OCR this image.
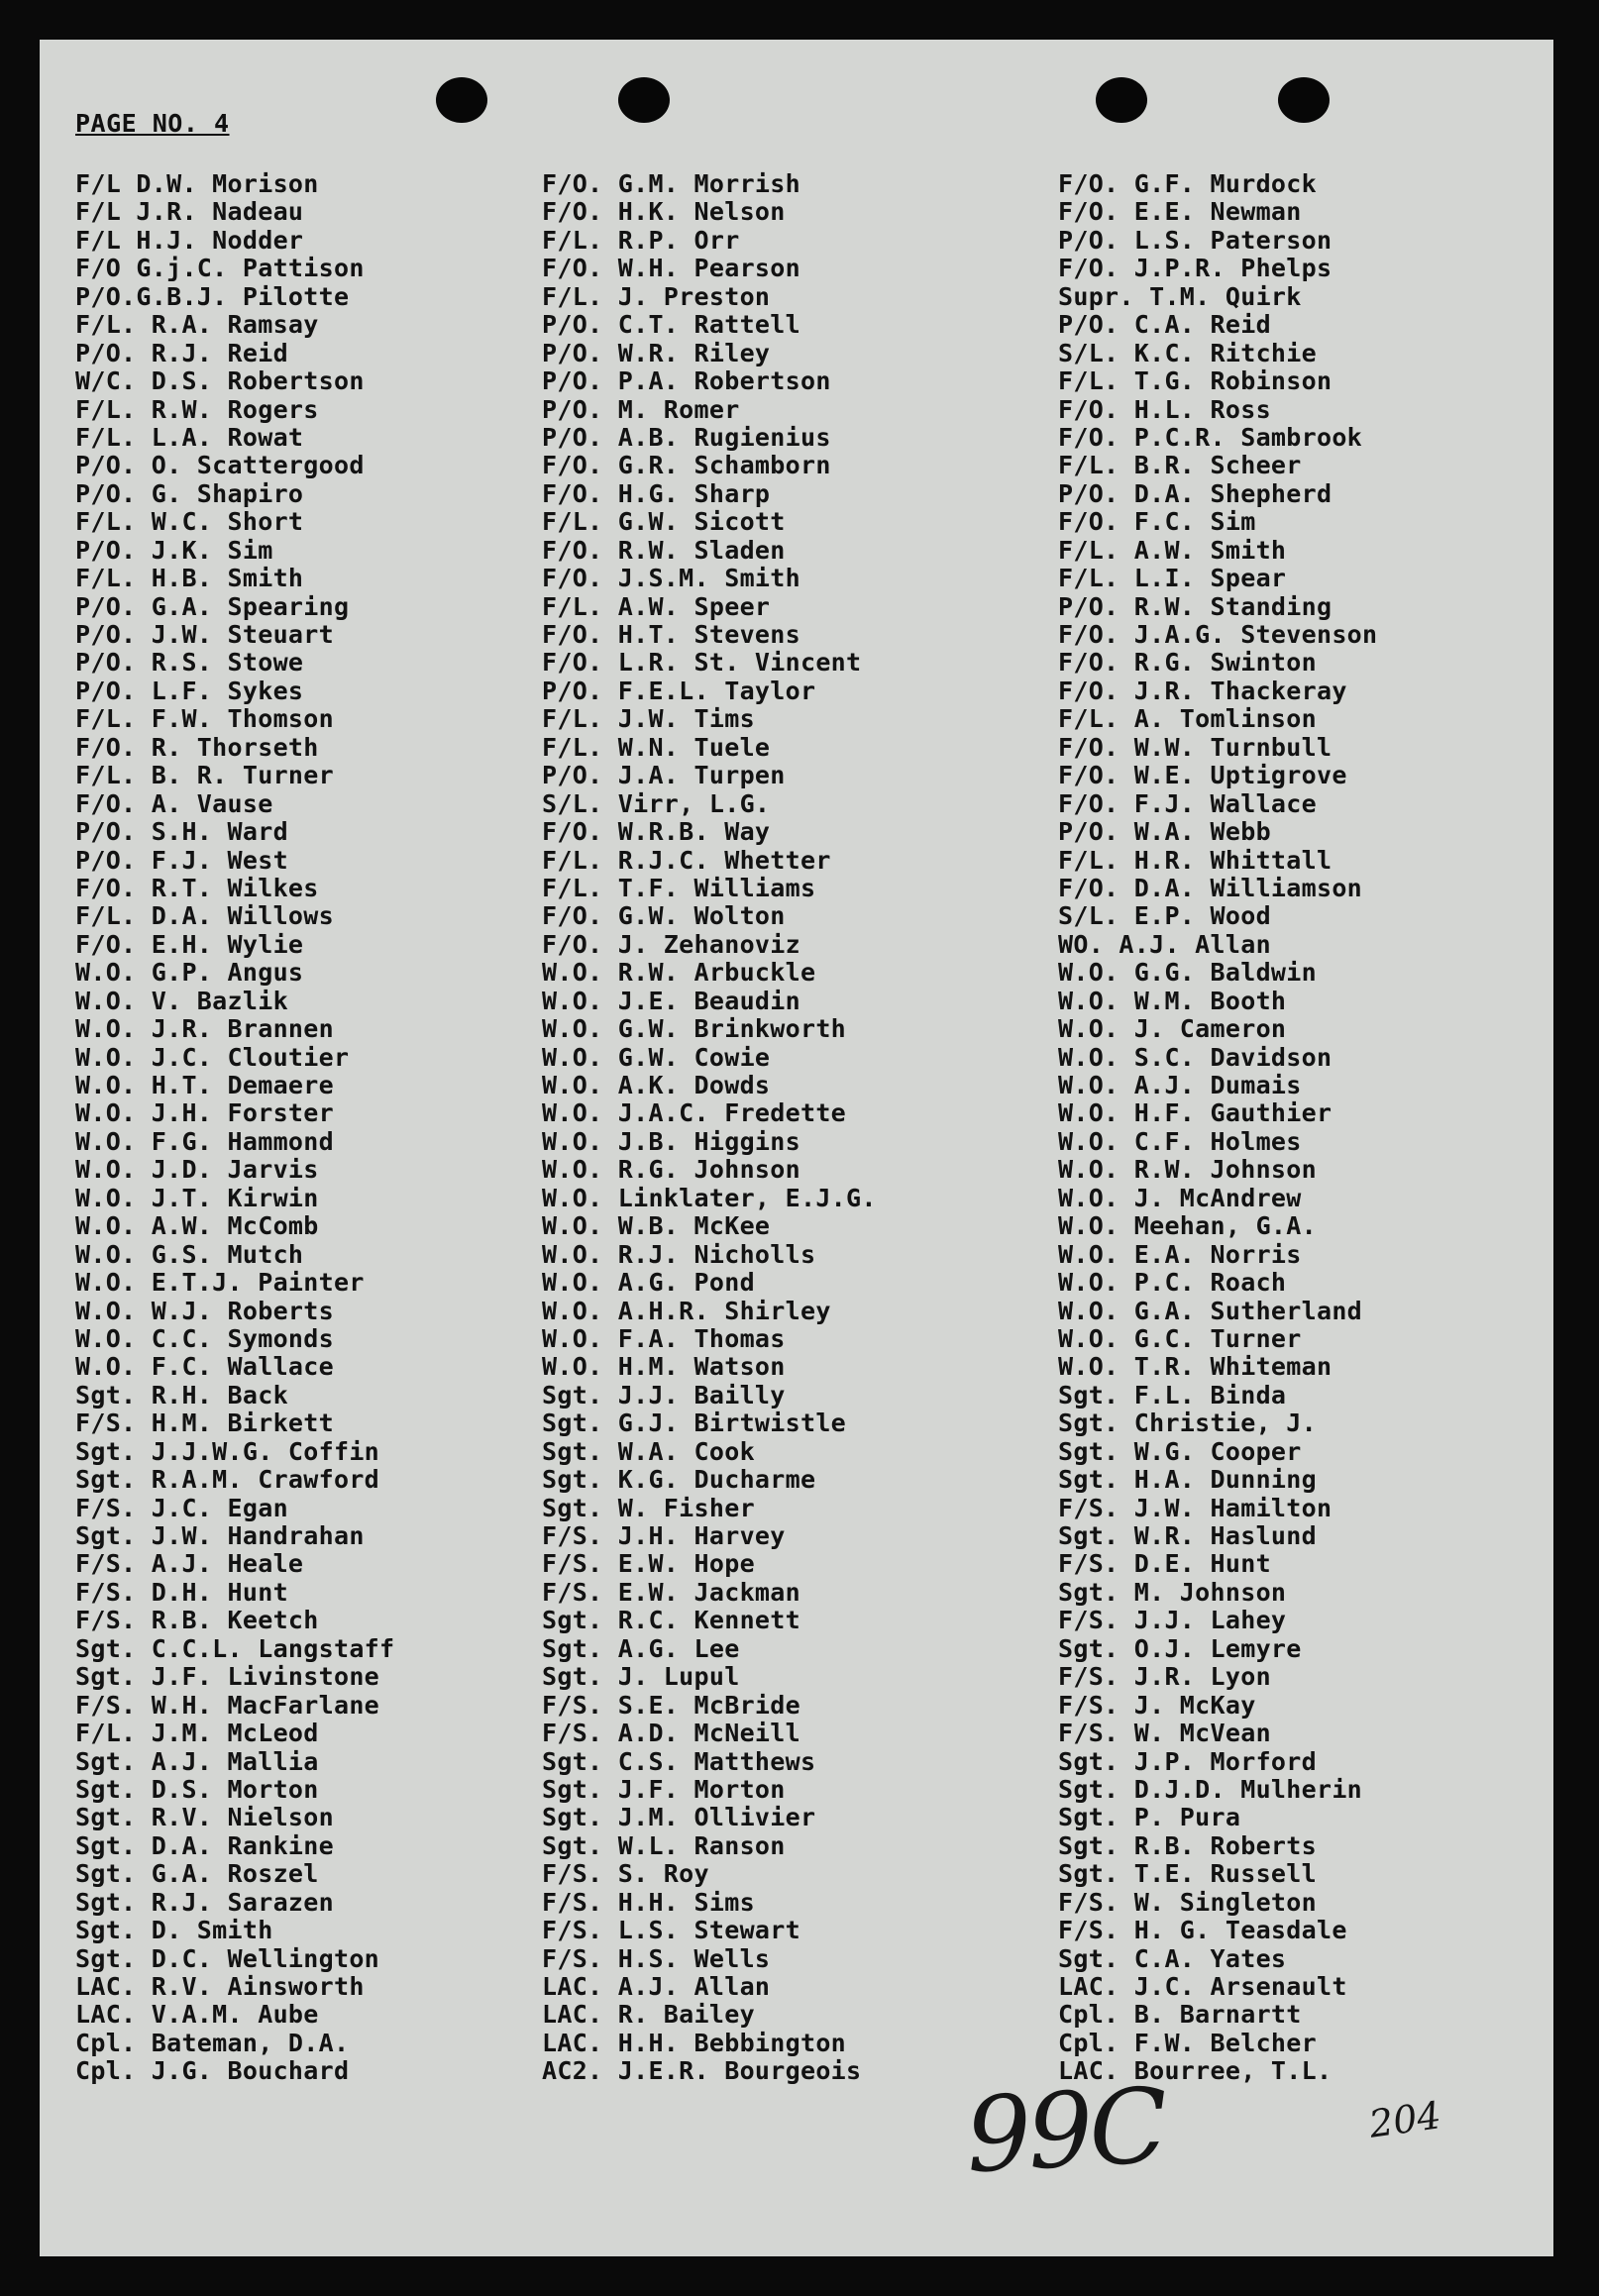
PAGE NO. 4
F/L D.W. Morison
F/L J.R. Nadeau
F/L H.J. Nodder
F/O G.j.C. Pattison
P/O.G.B.J. Pilotte
F/L. R.A. Ramsay
P/O. R.J. Reid
W/C. D.S. Robertson
F/L. R.W. Rogers
F/L. L.A. Rowat
P/O. O. Scattergood
P/O. G. Shapiro
F/L. W.C. Short
P/O. J.K. Sim
F/L. H.B. Smith
P/O. G.A. Spearing
P/O. J.W. Steuart
P/O. R.S. Stowe
P/O. L.F. Sykes
F/L. F.W. Thomson
F/O. R. Thorseth
F/L. B. R. Turner
F/O. A. Vause
P/O. S.H. Ward
P/O. F.J. West
F/O. R.T. Wilkes
F/L. D.A. Willows
F/O. E.H. Wylie
W.O. G.P. Angus
W.O. V. Bazlik
W.O. J.R. Brannen
W.O. J.C. Cloutier
W.O. H.T. Demaere
W.O. J.H. Forster
W.O. F.G. Hammond
W.O. J.D. Jarvis
W.O. J.T. Kirwin
W.O. A.W. McComb
W.O. G.S. Mutch
W.O. E.T.J. Painter
W.O. W.J. Roberts
W.O. C.C. Symonds
W.O. F.C. Wallace
Sgt. R.H. Back
F/S. H.M. Birkett
Sgt. J.J.W.G. Coffin
Sgt. R.A.M. Crawford
F/S. J.C. Egan
Sgt. J.W. Handrahan
F/S. A.J. Heale
F/S. D.H. Hunt
F/S. R.B. Keetch
Sgt. C.C.L. Langstaff
Sgt. J.F. Livinstone
F/S. W.H. MacFarlane
F/L. J.M. McLeod
Sgt. A.J. Mallia
Sgt. D.S. Morton
Sgt. R.V. Nielson
Sgt. D.A. Rankine
Sgt. G.A. Roszel
Sgt. R.J. Sarazen
Sgt. D. Smith
Sgt. D.C. Wellington
LAC. R.V. Ainsworth
LAC. V.A.M. Aube
Cpl. Bateman, D.A.
Cpl. J.G. Bouchard
F/O. G.M. Morrish
F/O. H.K. Nelson
F/L. R.P. Orr
F/O. W.H. Pearson
F/L. J. Preston
P/O. C.T. Rattell
P/O. W.R. Riley
P/O. P.A. Robertson
P/O. M. Romer
P/O. A.B. Rugienius
F/O. G.R. Schamborn
F/O. H.G. Sharp
F/L. G.W. Sicott
F/O. R.W. Sladen
F/O. J.S.M. Smith
F/L. A.W. Speer
F/O. H.T. Stevens
F/O. L.R. St. Vincent
P/O. F.E.L. Taylor
F/L. J.W. Tims
F/L. W.N. Tuele
P/O. J.A. Turpen
S/L. Virr, L.G.
F/O. W.R.B. Way
F/L. R.J.C. Whetter
F/L. T.F. Williams
F/O. G.W. Wolton
F/O. J. Zehanoviz
W.O. R.W. Arbuckle
W.O. J.E. Beaudin
W.O. G.W. Brinkworth
W.O. G.W. Cowie
W.O. A.K. Dowds
W.O. J.A.C. Fredette
W.O. J.B. Higgins
W.O. R.G. Johnson
W.O. Linklater, E.J.G.
W.O. W.B. McKee
W.O. R.J. Nicholls
W.O. A.G. Pond
W.O. A.H.R. Shirley
W.O. F.A. Thomas
W.O. H.M. Watson
Sgt. J.J. Bailly
Sgt. G.J. Birtwistle
Sgt. W.A. Cook
Sgt. K.G. Ducharme
Sgt. W. Fisher
F/S. J.H. Harvey
F/S. E.W. Hope
F/S. E.W. Jackman
Sgt. R.C. Kennett
Sgt. A.G. Lee
Sgt. J. Lupul
F/S. S.E. McBride
F/S. A.D. McNeill
Sgt. C.S. Matthews
Sgt. J.F. Morton
Sgt. J.M. Ollivier
Sgt. W.L. Ranson
F/S. S. Roy
F/S. H.H. Sims
F/S. L.S. Stewart
F/S. H.S. Wells
LAC. A.J. Allan
LAC. R. Bailey
LAC. H.H. Bebbington
AC2. J.E.R. Bourgeois
F/O. G.F. Murdock
F/O. E.E. Newman
P/O. L.S. Paterson
F/O. J.P.R. Phelps
Supr. T.M. Quirk
P/O. C.A. Reid
S/L. K.C. Ritchie
F/L. T.G. Robinson
F/O. H.L. Ross
F/O. P.C.R. Sambrook
F/L. B.R. Scheer
P/O. D.A. Shepherd
F/O. F.C. Sim
F/L. A.W. Smith
F/L. L.I. Spear
P/O. R.W. Standing
F/O. J.A.G. Stevenson
F/O. R.G. Swinton
F/O. J.R. Thackeray
F/L. A. Tomlinson
F/O. W.W. Turnbull
F/O. W.E. Uptigrove
F/O. F.J. Wallace
P/O. W.A. Webb
F/L. H.R. Whittall
F/O. D.A. Williamson
S/L. E.P. Wood
WO. A.J. Allan
W.O. G.G. Baldwin
W.O. W.M. Booth
W.O. J. Cameron
W.O. S.C. Davidson
W.O. A.J. Dumais
W.O. H.F. Gauthier
W.O. C.F. Holmes
W.O. R.W. Johnson
W.O. J. McAndrew
W.O. Meehan, G.A.
W.O. E.A. Norris
W.O. P.C. Roach
W.O. G.A. Sutherland
W.O. G.C. Turner
W.O. T.R. Whiteman
Sgt. F.L. Binda
Sgt. Christie, J.
Sgt. W.G. Cooper
Sgt. H.A. Dunning
F/S. J.W. Hamilton
Sgt. W.R. Haslund
F/S. D.E. Hunt
Sgt. M. Johnson
F/S. J.J. Lahey
Sgt. O.J. Lemyre
F/S. J.R. Lyon
F/S. J. McKay
F/S. W. McVean
Sgt. J.P. Morford
Sgt. D.J.D. Mulherin
Sgt. P. Pura
Sgt. R.B. Roberts
Sgt. T.E. Russell
F/S. W. Singleton
F/S. H. G. Teasdale
Sgt. C.A. Yates
LAC. J.C. Arsenault
Cpl. B. Barnartt
Cpl. F.W. Belcher
LAC. Bourree, T.L.
99C	204
